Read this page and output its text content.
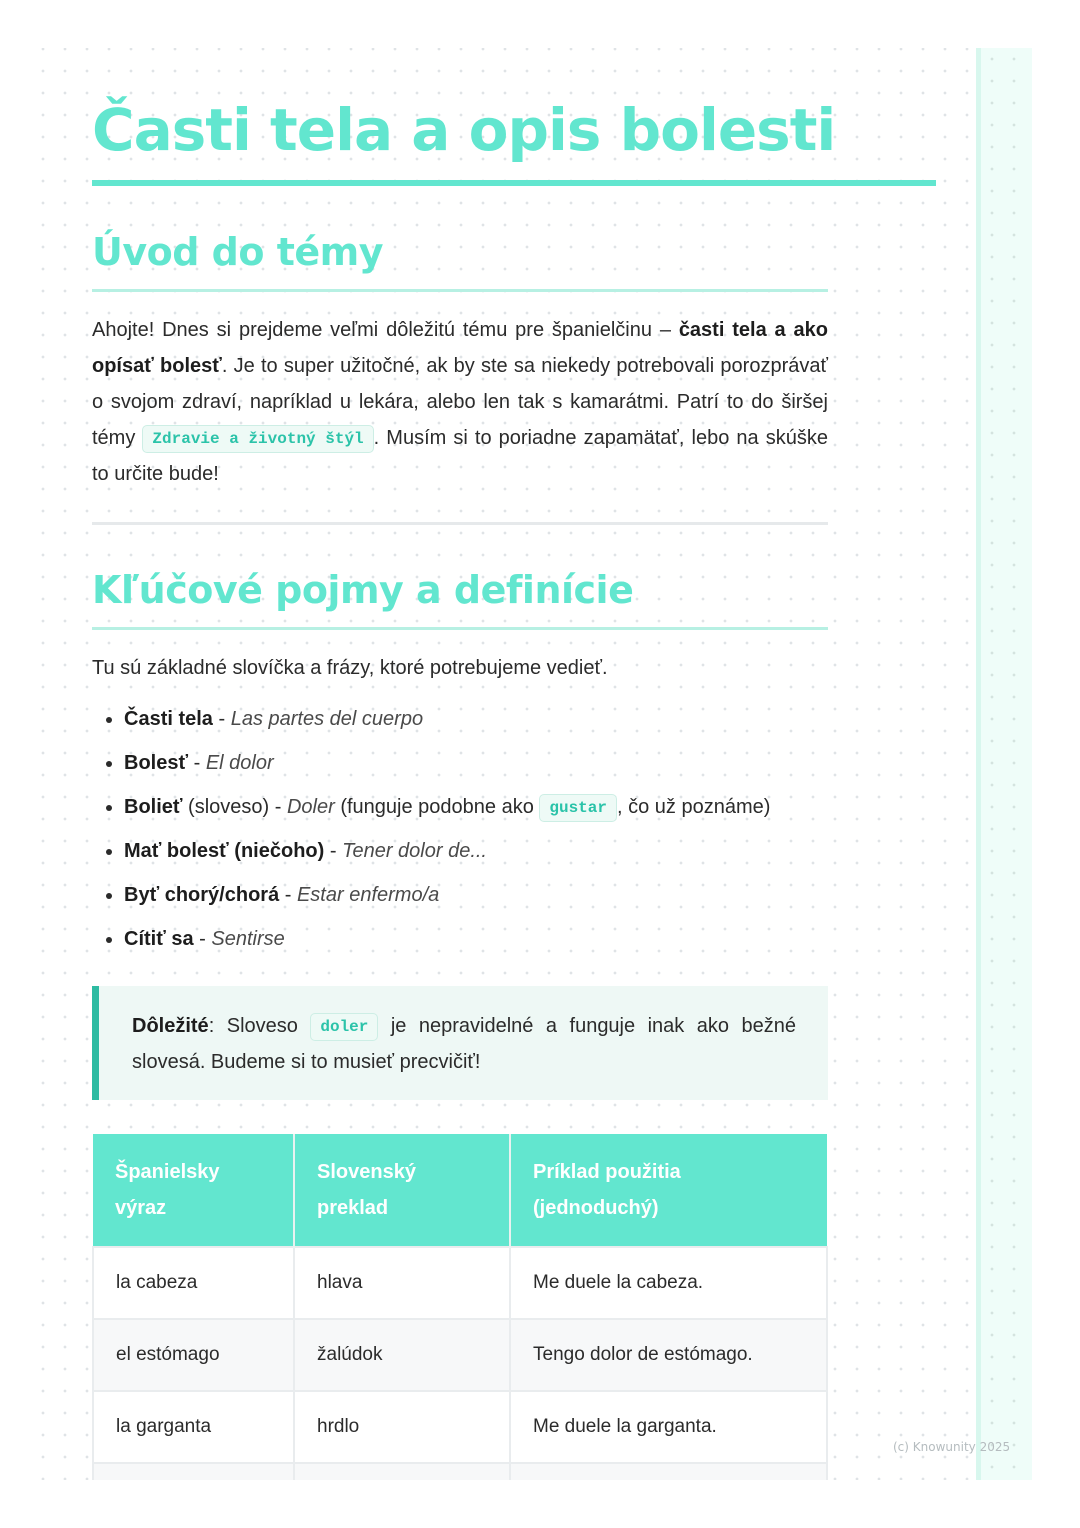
Časti tela a opis bolesti
Úvod do témy

Ahojte! Dnes si prejdeme veľmi dôležitú tému pre španielčinu – časti tela a ako opísať bolesť. Je to super užitočné, ak by ste sa niekedy potrebovali porozprávať o svojom zdraví, napríklad u lekára, alebo len tak s kamarátmi. Patrí to do širšej témy Zdravie a životný štýl . Musím si to poriadne zapamätať, lebo na skúške to určite bude!

Kľúčové pojmy a definície

Tu sú základné slovíčka a frázy, ktoré potrebujeme vedieť.

• Časti tela - Las partes del cuerpo
• Bolesť - El dolor
• Bolieť (sloveso) - Doler (funguje podobne ako gustar , čo už poznáme)
• Mať bolesť (niečoho) - Tener dolor de...
• Byť chorý/chorá - Estar enfermo/a
• Cítiť sa - Sentirse
Dôležité: Sloveso doler je nepravidelné a funguje inak ako bežné slovesá. Budeme si to musieť precvičiť!
Španielsky výraz	Slovenský preklad	Príklad použitia (jednoduchý)
la cabeza	hlava	Me duele la cabeza.
el estómago	žalúdok	Tengo dolor de estómago.
la garganta	hrdlo	Me duele la garganta.

(c) Knowunity 2025
